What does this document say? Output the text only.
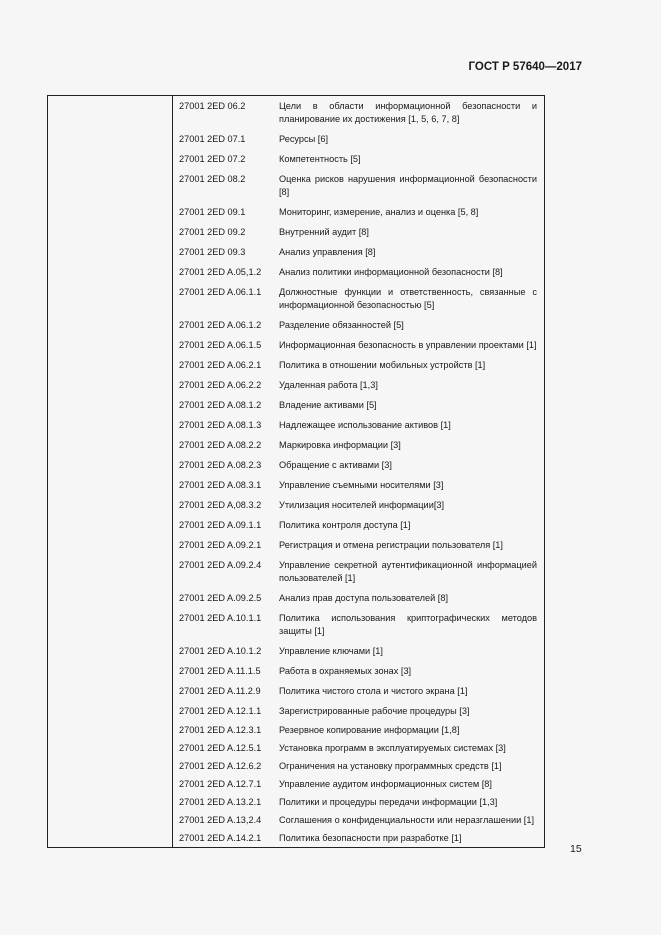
ГОСТ Р 57640—2017
	27001 2ED 06.2	Цели в области информационной безопасности и планирование их достижения [1, 5, 6, 7, 8]
	27001 2ED 07.1	Ресурсы [6]
	27001 2ED 07.2	Компетентность [5]
	27001 2ED 08.2	Оценка рисков нарушения информационной безопасности [8]
	27001 2ED 09.1	Мониторинг, измерение, анализ и оценка [5, 8]
	27001 2ED 09.2	Внутренний аудит [8]
	27001 2ED 09.3	Анализ управления [8]
	27001 2ED A.05,1.2	Анализ политики информационной безопасности [8]
	27001 2ED A.06.1.1	Должностные функции и ответственность, связанные с информационной безопасностью [5]
	27001 2ED A.06.1.2	Разделение обязанностей [5]
	27001 2ED A.06.1.5	Информационная безопасность в управлении проектами [1]
	27001 2ED A.06.2.1	Политика в отношении мобильных устройств [1]
	27001 2ED A.06.2.2	Удаленная работа [1,3]
	27001 2ED A.08.1.2	Владение активами [5]
	27001 2ED A.08.1.3	Надлежащее использование активов [1]
	27001 2ED A.08.2.2	Маркировка информации [3]
	27001 2ED A.08.2.3	Обращение с активами [3]
	27001 2ED A.08.3.1	Управление съемными носителями [3]
	27001 2ED A,08.3.2	Утилизация носителей информации[3]
	27001 2ED A.09.1.1	Политика контроля доступа [1]
	27001 2ED A.09.2.1	Регистрация и отмена регистрации пользователя [1]
	27001 2ED A.09.2.4	Управление секретной аутентификационной информацией пользователей [1]
	27001 2ED A.09.2.5	Анализ прав доступа пользователей [8]
	27001 2ED A.10.1.1	Политика использования криптографических методов защиты [1]
	27001 2ED A.10.1.2	Управление ключами [1]
	27001 2ED A.11.1.5	Работа в охраняемых зонах [3]
	27001 2ED A.11.2.9	Политика чистого стола и чистого экрана [1]
	27001 2ED A.12.1.1	Зарегистрированные рабочие процедуры [3]
	27001 2ED A.12.3.1	Резервное копирование информации [1,8]
	27001 2ED A.12.5.1	Установка программ в эксплуатируемых системах [3]
	27001 2ED A.12.6.2	Ограничения на установку программных средств [1]
	27001 2ED A.12.7.1	Управление аудитом информационных систем [8]
	27001 2ED A.13.2.1	Политики и процедуры передачи информации [1,3]
	27001 2ED A.13,2.4	Соглашения о конфиденциальности или неразглашении [1]
	27001 2ED A.14.2.1	Политика безопасности при разработке [1]
15
